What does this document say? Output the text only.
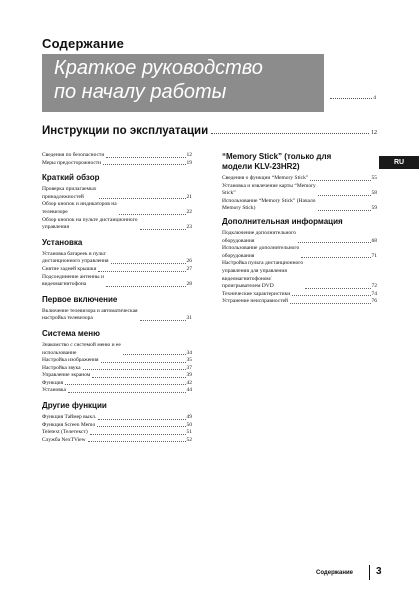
Содержание
Краткое руководство
по началу работы	4
Инструкции по эксплуатации	12
Сведения по безопасности	12
Меры предосторожности	19
Краткий обзор
Проверка прилагаемых
принадлежностей	21
Обзор кнопок и индикаторов на
телевизоре	22
Обзор кнопок на пульте дистанционного
управления	23
Установка
Установка батареек в пульт
дистанционного управления	26
Снятие задней крышки	27
Подсоединение антенны и
видеомагнитофона	28
Первое включение
Включение телевизора и автоматическая
настройка телевизора	31
Система меню
Знакомство с системой меню и ее
использование	34
Настройка изображения	35
Настройка звука	37
Управление экраном	39
Функция	42
Установка	44
Другие функции
Функция Таймер выкл.	49
Функция Screen Memo	50
Teletext (Телетекст)	51
Служба NexTView	52
“Memory Stick” (только для
модели KLV-23HR2)
Сведения о функции “Memory Stick”	55
Установка и извлечение карты “Memory
Stick”	58
Использование “Memory Stick” (Начало
Memory Stick)	59
Дополнительная информация
Подключение дополнительного
оборудования	68
Использование дополнительного
оборудования	71
Настройка пульта дистанционного
управления для управления
видеомагнитофоном/
проигрывателем DVD	72
Технические характеристики	74
Устранение неисправностей	76
RU
Содержание 3
